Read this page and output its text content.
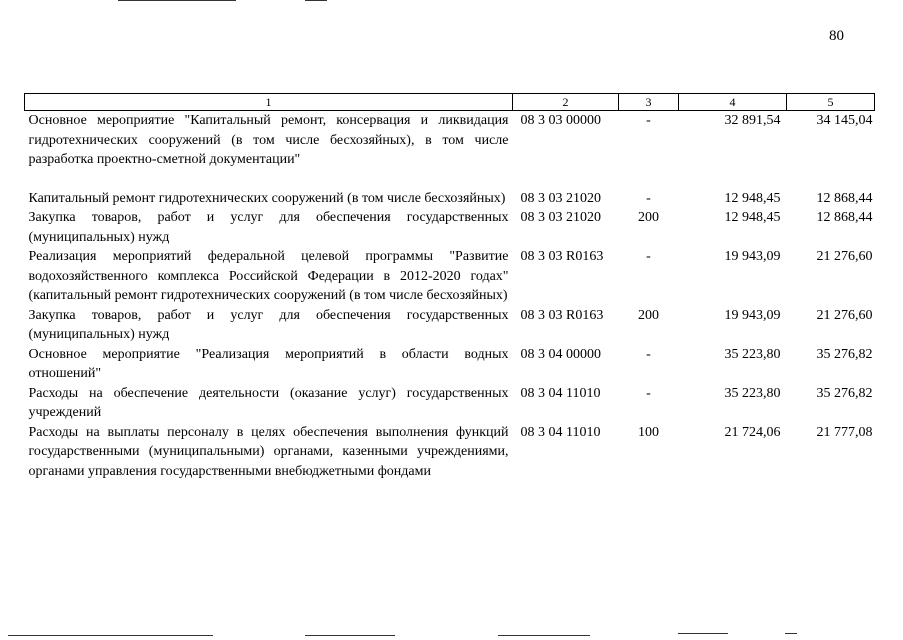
80
1	2	3	4	5
Основное мероприятие "Капитальный ремонт, консервация и ликвидация гидротехнических сооружений (в том числе бесхозяйных), в том числе разработка проектно-сметной документации"	08 3 03 00000	-	32 891,54	34 145,04
Капитальный ремонт гидротехнических сооружений (в том числе бесхозяйных)	08 3 03 21020	-	12 948,45	12 868,44
Закупка товаров, работ и услуг для обеспечения государственных (муниципальных) нужд	08 3 03 21020	200	12 948,45	12 868,44
Реализация мероприятий федеральной целевой программы "Развитие водохозяйственного комплекса Российской Федерации в 2012-2020 годах" (капитальный ремонт гидротехнических сооружений (в том числе бесхозяйных)	08 3 03 R0163	-	19 943,09	21 276,60
Закупка товаров, работ и услуг для обеспечения государственных (муниципальных) нужд	08 3 03 R0163	200	19 943,09	21 276,60
Основное мероприятие "Реализация мероприятий в области водных отношений"	08 3 04 00000	-	35 223,80	35 276,82
Расходы на обеспечение деятельности (оказание услуг) государственных учреждений	08 3 04 11010	-	35 223,80	35 276,82
Расходы на выплаты персоналу в целях обеспечения выполнения функций государственными (муниципальными) органами, казенными учреждениями, органами управления государственными внебюджетными фондами	08 3 04 11010	100	21 724,06	21 777,08
